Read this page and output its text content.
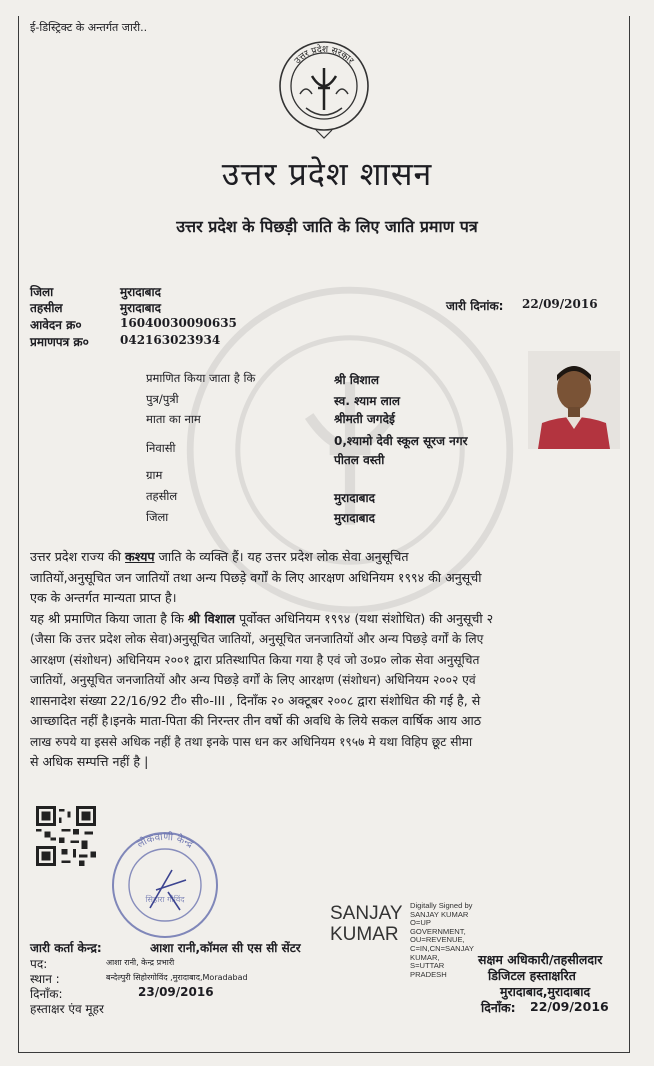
ई-डिस्ट्रिक्ट के अन्तर्गत जारी..
उत्तर प्रदेश सरकार
उत्तर प्रदेश शासन
उत्तर प्रदेश के पिछड़ी जाति के लिए जाति प्रमाण पत्र
जिला	मुरादाबाद
तहसील	मुरादाबाद
आवेदन क्र०	16040030090635
प्रमाणपत्र क्र०	042163023934
जारी दिनांक: 22/09/2016
प्रमाणित किया जाता है कि	श्री विशाल
पुत्र/पुत्री	स्व. श्याम लाल
माता का नाम	श्रीमती जगदेई
निवासी	0,श्यामो देवी स्कूल सूरज नगर
पीतल वस्ती
ग्राम
तहसील	मुरादाबाद
जिला	मुरादाबाद
उत्तर प्रदेश राज्य की कश्यप जाति के व्यक्ति हैं। यह उत्तर प्रदेश लोक सेवा अनुसूचित
जातियों,अनुसूचित जन जातियों तथा अन्य पिछड़े वर्गों के लिए आरक्षण अधिनियम १९९४ की अनुसूची
एक के अन्तर्गत मान्यता प्राप्त है।
यह श्री प्रमाणित किया जाता है कि श्री विशाल पूर्वोक्त अधिनियम १९९४ (यथा संशोधित) की अनुसूची २
(जैसा कि उत्तर प्रदेश लोक सेवा)अनुसूचित जातियों, अनुसूचित जनजातियों और अन्य पिछड़े वर्गों के लिए
आरक्षण (संशोधन) अधिनियम २००१ द्वारा प्रतिस्थापित किया गया है एवं जो उ०प्र० लोक सेवा अनुसूचित
जातियों, अनुसूचित जनजातियों और अन्य पिछड़े वर्गों के लिए आरक्षण (संशोधन) अधिनियम २००२ एवं
शासनादेश संख्या 22/16/92 टी० सी०-III , दिनाँक २० अक्टूबर २००८ द्वारा संशोधित की गई है, से
आच्छादित नहीं है।इनके माता-पिता की निरन्तर तीन वर्षो की अवधि के लिये सकल वार्षिक आय आठ
लाख रुपये या इससे अधिक नहीं है तथा इनके पास धन कर अधिनियम १९५७ मे यथा विहिप छूट सीमा
से अधिक सम्पत्ति नहीं है |
लोकवाणी केन्द्र
सिहारा गोविंद
SANJAY
KUMAR
Digitally Signed by
SANJAY KUMAR
O=UP
GOVERNMENT,
OU=REVENUE,
C=IN,CN=SANJAY
KUMAR,
S=UTTAR
PRADESH
जारी कर्ता केन्द्र:	आशा रानी,कॉमल सी एस सी सेंटर
पद:	आशा रानी, केन्द्र प्रभारी
स्थान :	बन्देल्पुरी सिहोरगोविंद ,मुरादाबाद,Moradabad
दिनाँक:	23/09/2016
हस्ताक्षर एंव मूहर
सक्षम अधिकारी/तहसीलदार
डिजिटल हस्ताक्षरित
मुरादाबाद,मुरादाबाद
दिनाँक: 22/09/2016
